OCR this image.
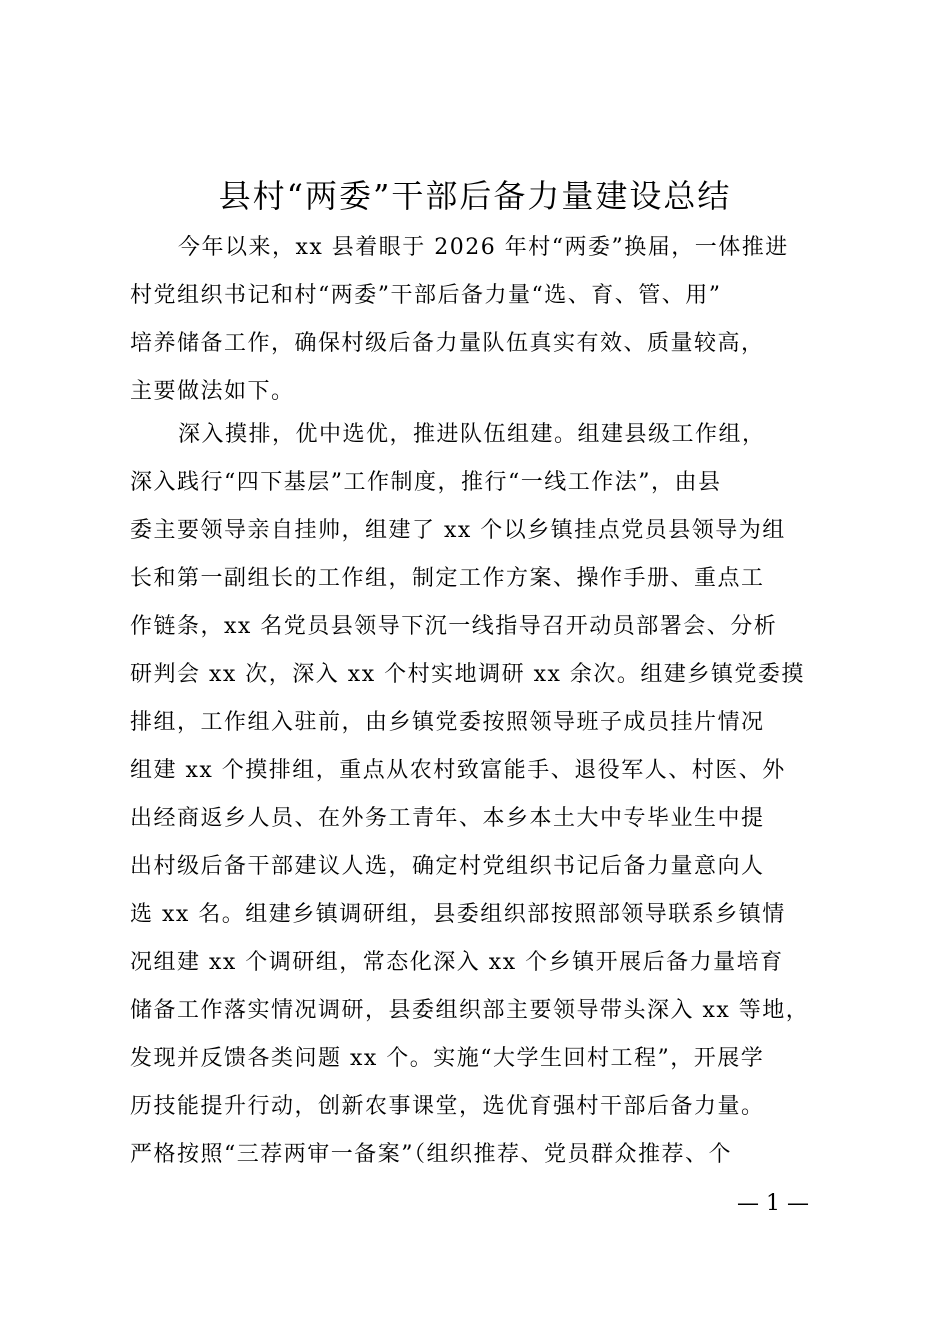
县村“两委”干部后备力量建设总结
今年以来，xx 县着眼于 2026 年村“两委”换届，一体推进
村党组织书记和村“两委”干部后备力量“选、育、管、用”
培养储备工作，确保村级后备力量队伍真实有效、质量较高，
主要做法如下。
深入摸排，优中选优，推进队伍组建。组建县级工作组，
深入践行“四下基层”工作制度，推行“一线工作法”，由县
委主要领导亲自挂帅，组建了 xx 个以乡镇挂点党员县领导为组
长和第一副组长的工作组，制定工作方案、操作手册、重点工
作链条，xx 名党员县领导下沉一线指导召开动员部署会、分析
研判会 xx 次，深入 xx 个村实地调研 xx 余次。组建乡镇党委摸
排组，工作组入驻前，由乡镇党委按照领导班子成员挂片情况
组建 xx 个摸排组，重点从农村致富能手、退役军人、村医、外
出经商返乡人员、在外务工青年、本乡本土大中专毕业生中提
出村级后备干部建议人选，确定村党组织书记后备力量意向人
选 xx 名。组建乡镇调研组，县委组织部按照部领导联系乡镇情
况组建 xx 个调研组，常态化深入 xx 个乡镇开展后备力量培育
储备工作落实情况调研，县委组织部主要领导带头深入 xx 等地，
发现并反馈各类问题 xx 个。实施“大学生回村工程”，开展学
历技能提升行动，创新农事课堂，选优育强村干部后备力量。
严格按照“三荐两审一备案”（组织推荐、党员群众推荐、个
— 1 —
